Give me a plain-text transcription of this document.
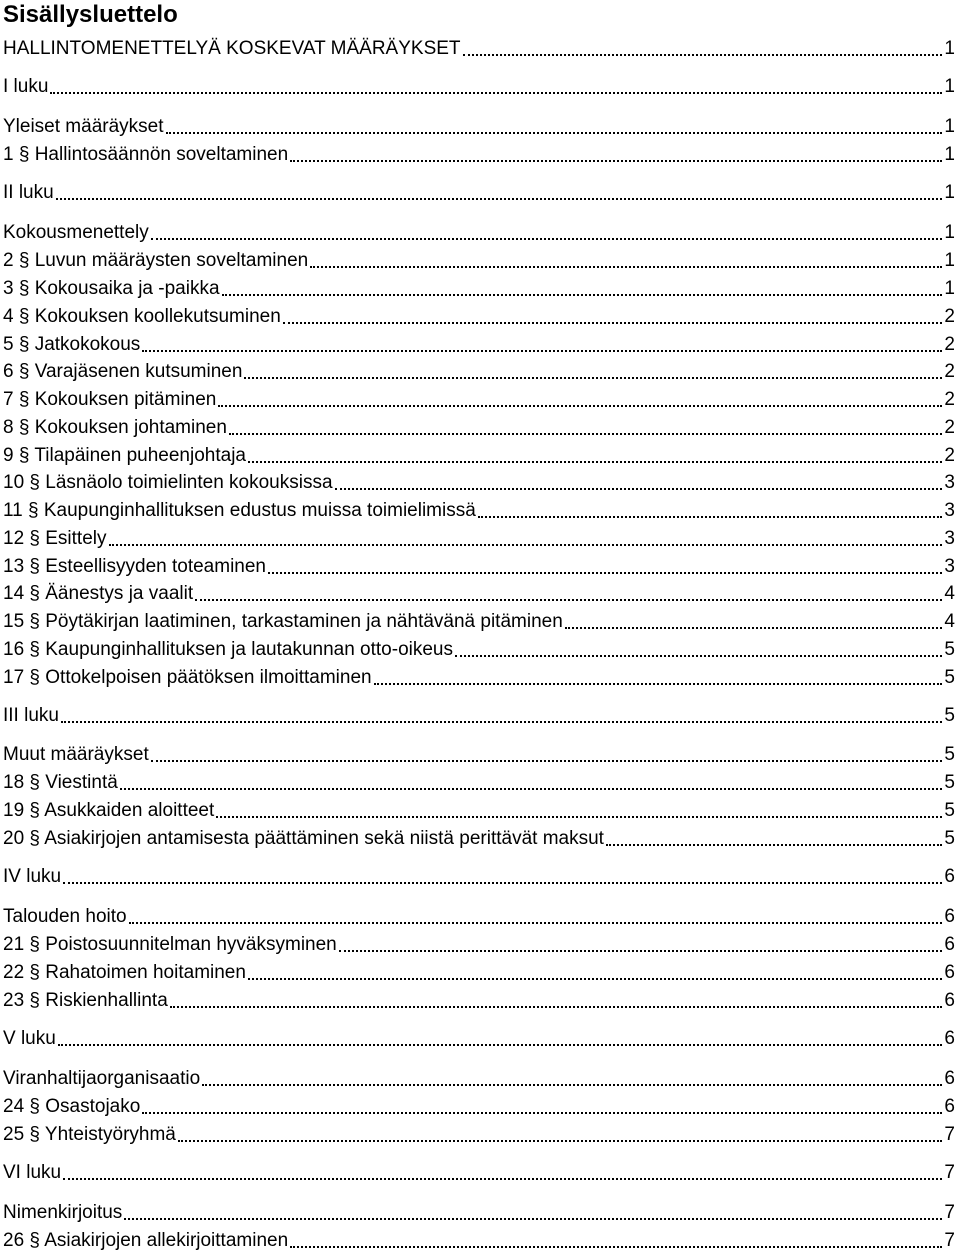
Sisällysluettelo
HALLINTOMENETTELYÄ KOSKEVAT MÄÄRÄYKSET	1
I luku	1
Yleiset määräykset	1
1 § Hallintosäännön soveltaminen	1
II luku	1
Kokousmenettely	1
2 § Luvun määräysten soveltaminen	1
3 § Kokousaika ja -paikka	1
4 § Kokouksen koollekutsuminen	2
5 § Jatkokokous	2
6 § Varajäsenen kutsuminen	2
7 § Kokouksen pitäminen	2
8 § Kokouksen johtaminen	2
9 § Tilapäinen puheenjohtaja	2
10 § Läsnäolo toimielinten kokouksissa	3
11 § Kaupunginhallituksen edustus muissa toimielimissä	3
12 § Esittely	3
13 § Esteellisyyden toteaminen	3
14 § Äänestys ja vaalit	4
15 § Pöytäkirjan laatiminen, tarkastaminen ja nähtävänä pitäminen	4
16 § Kaupunginhallituksen ja lautakunnan otto-oikeus	5
17 § Ottokelpoisen päätöksen ilmoittaminen	5
III luku	5
Muut määräykset	5
18 § Viestintä	5
19 § Asukkaiden aloitteet	5
20 § Asiakirjojen antamisesta päättäminen sekä niistä perittävät maksut	5
IV luku	6
Talouden hoito	6
21 § Poistosuunnitelman hyväksyminen	6
22 § Rahatoimen hoitaminen	6
23 § Riskienhallinta	6
V luku	6
Viranhaltijaorganisaatio	6
24 § Osastojako	6
25 § Yhteistyöryhmä	7
VI luku	7
Nimenkirjoitus	7
26 § Asiakirjojen allekirjoittaminen	7
